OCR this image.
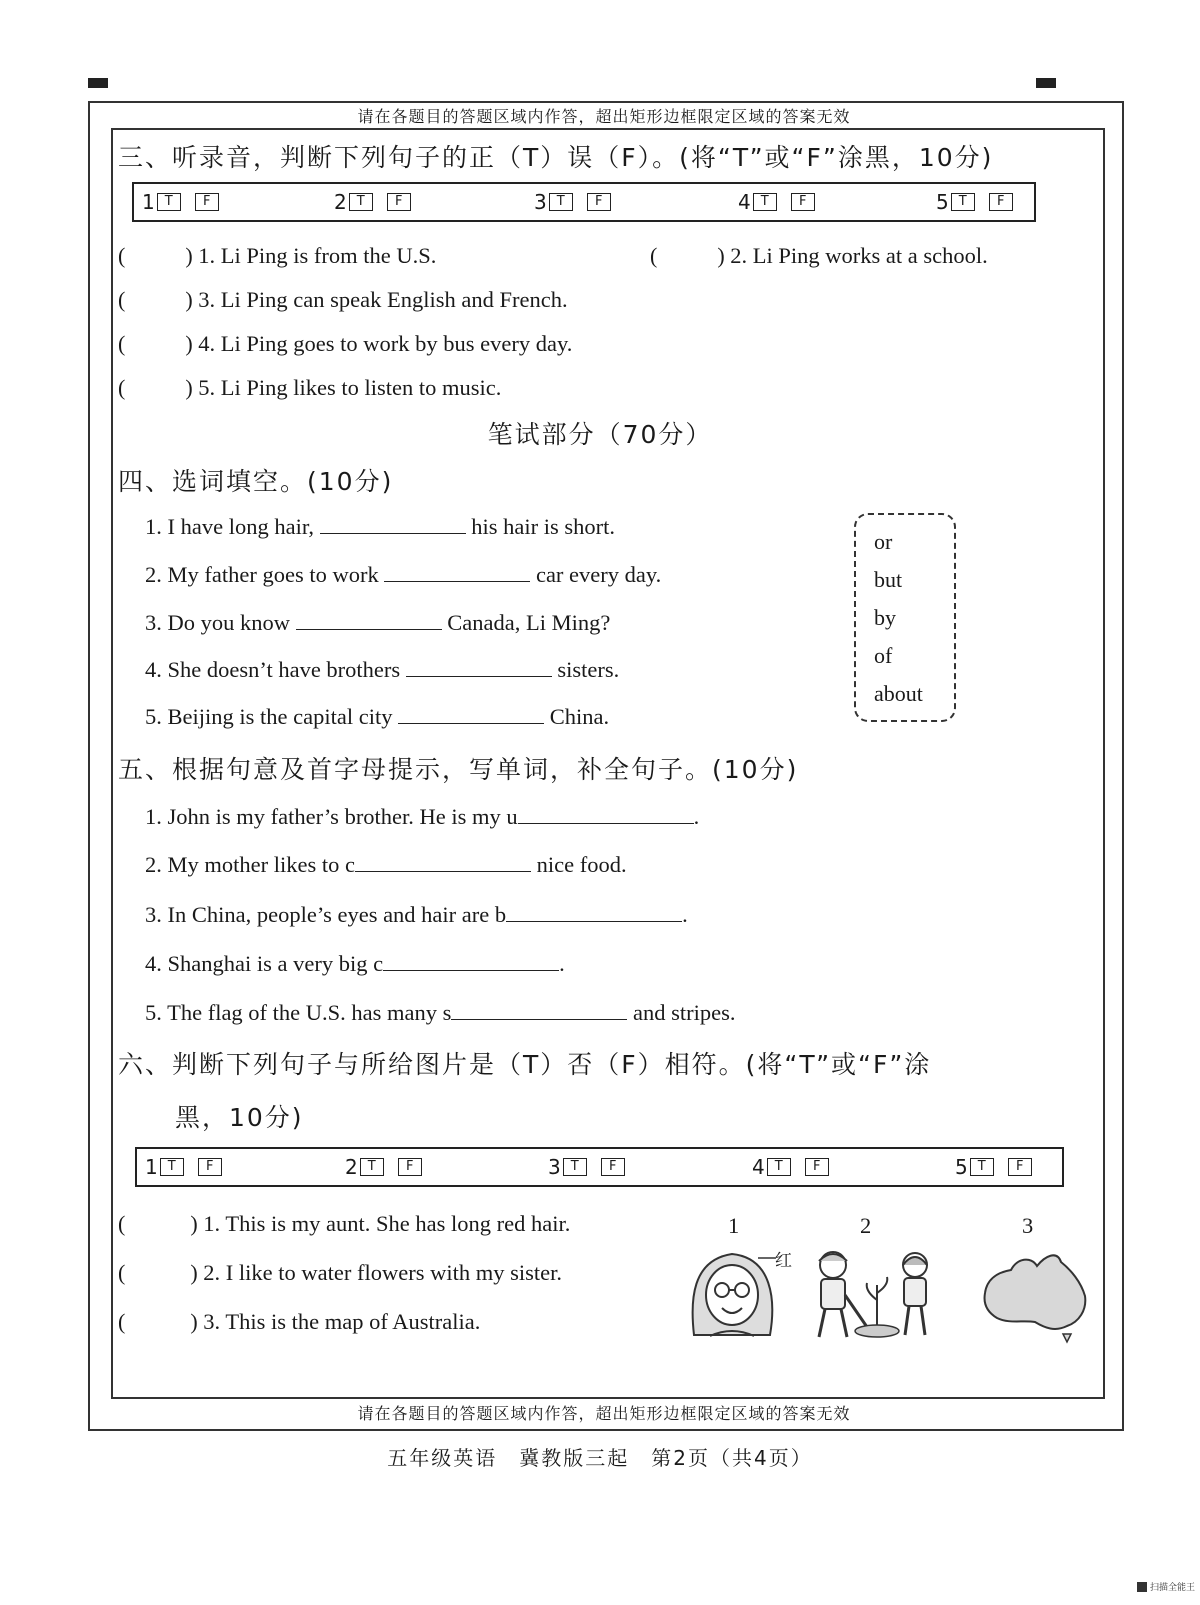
请在各题目的答题区域内作答，超出矩形边框限定区域的答案无效
三、听录音，判断下列句子的正（T）误（F）。(将“T”或“F”涂黑，10分)
1 T	F	2 T	F	3 T	F	4 T	F	5 T	F
(	) 1. Li Ping is from the U.S.	(	) 2. Li Ping works at a school.
(	) 3. Li Ping can speak English and French.
(	) 4. Li Ping goes to work by bus every day.
(	) 5. Li Ping likes to listen to music.
笔试部分（70分）
四、选词填空。(10分)
1. I have long hair,	his hair is short.
2. My father goes to work	car every day.
3. Do you know	Canada, Li Ming?
4. She doesn’t have brothers	sisters.
5. Beijing is the capital city	China.
or
but
by
of
about
五、根据句意及首字母提示，写单词，补全句子。(10分)
1. John is my father’s brother. He is my u	.
2. My mother likes to c	nice food.
3. In China, people’s eyes and hair are b	.
4. Shanghai is a very big c	.
5. The flag of the U.S. has many s	and stripes.
六、判断下列句子与所给图片是（T）否（F）相符。(将“T”或“F”涂
黑，10分)
1 T	F	2 T	F	3 T	F	4 T	F	5 T	F
(	) 1. This is my aunt. She has long red hair.
(	) 2. I like to water flowers with my sister.
(	) 3. This is the map of Australia.
1	2	3
红
请在各题目的答题区域内作答，超出矩形边框限定区域的答案无效
五年级英语　冀教版三起　第2页（共4页）
扫描全能王
